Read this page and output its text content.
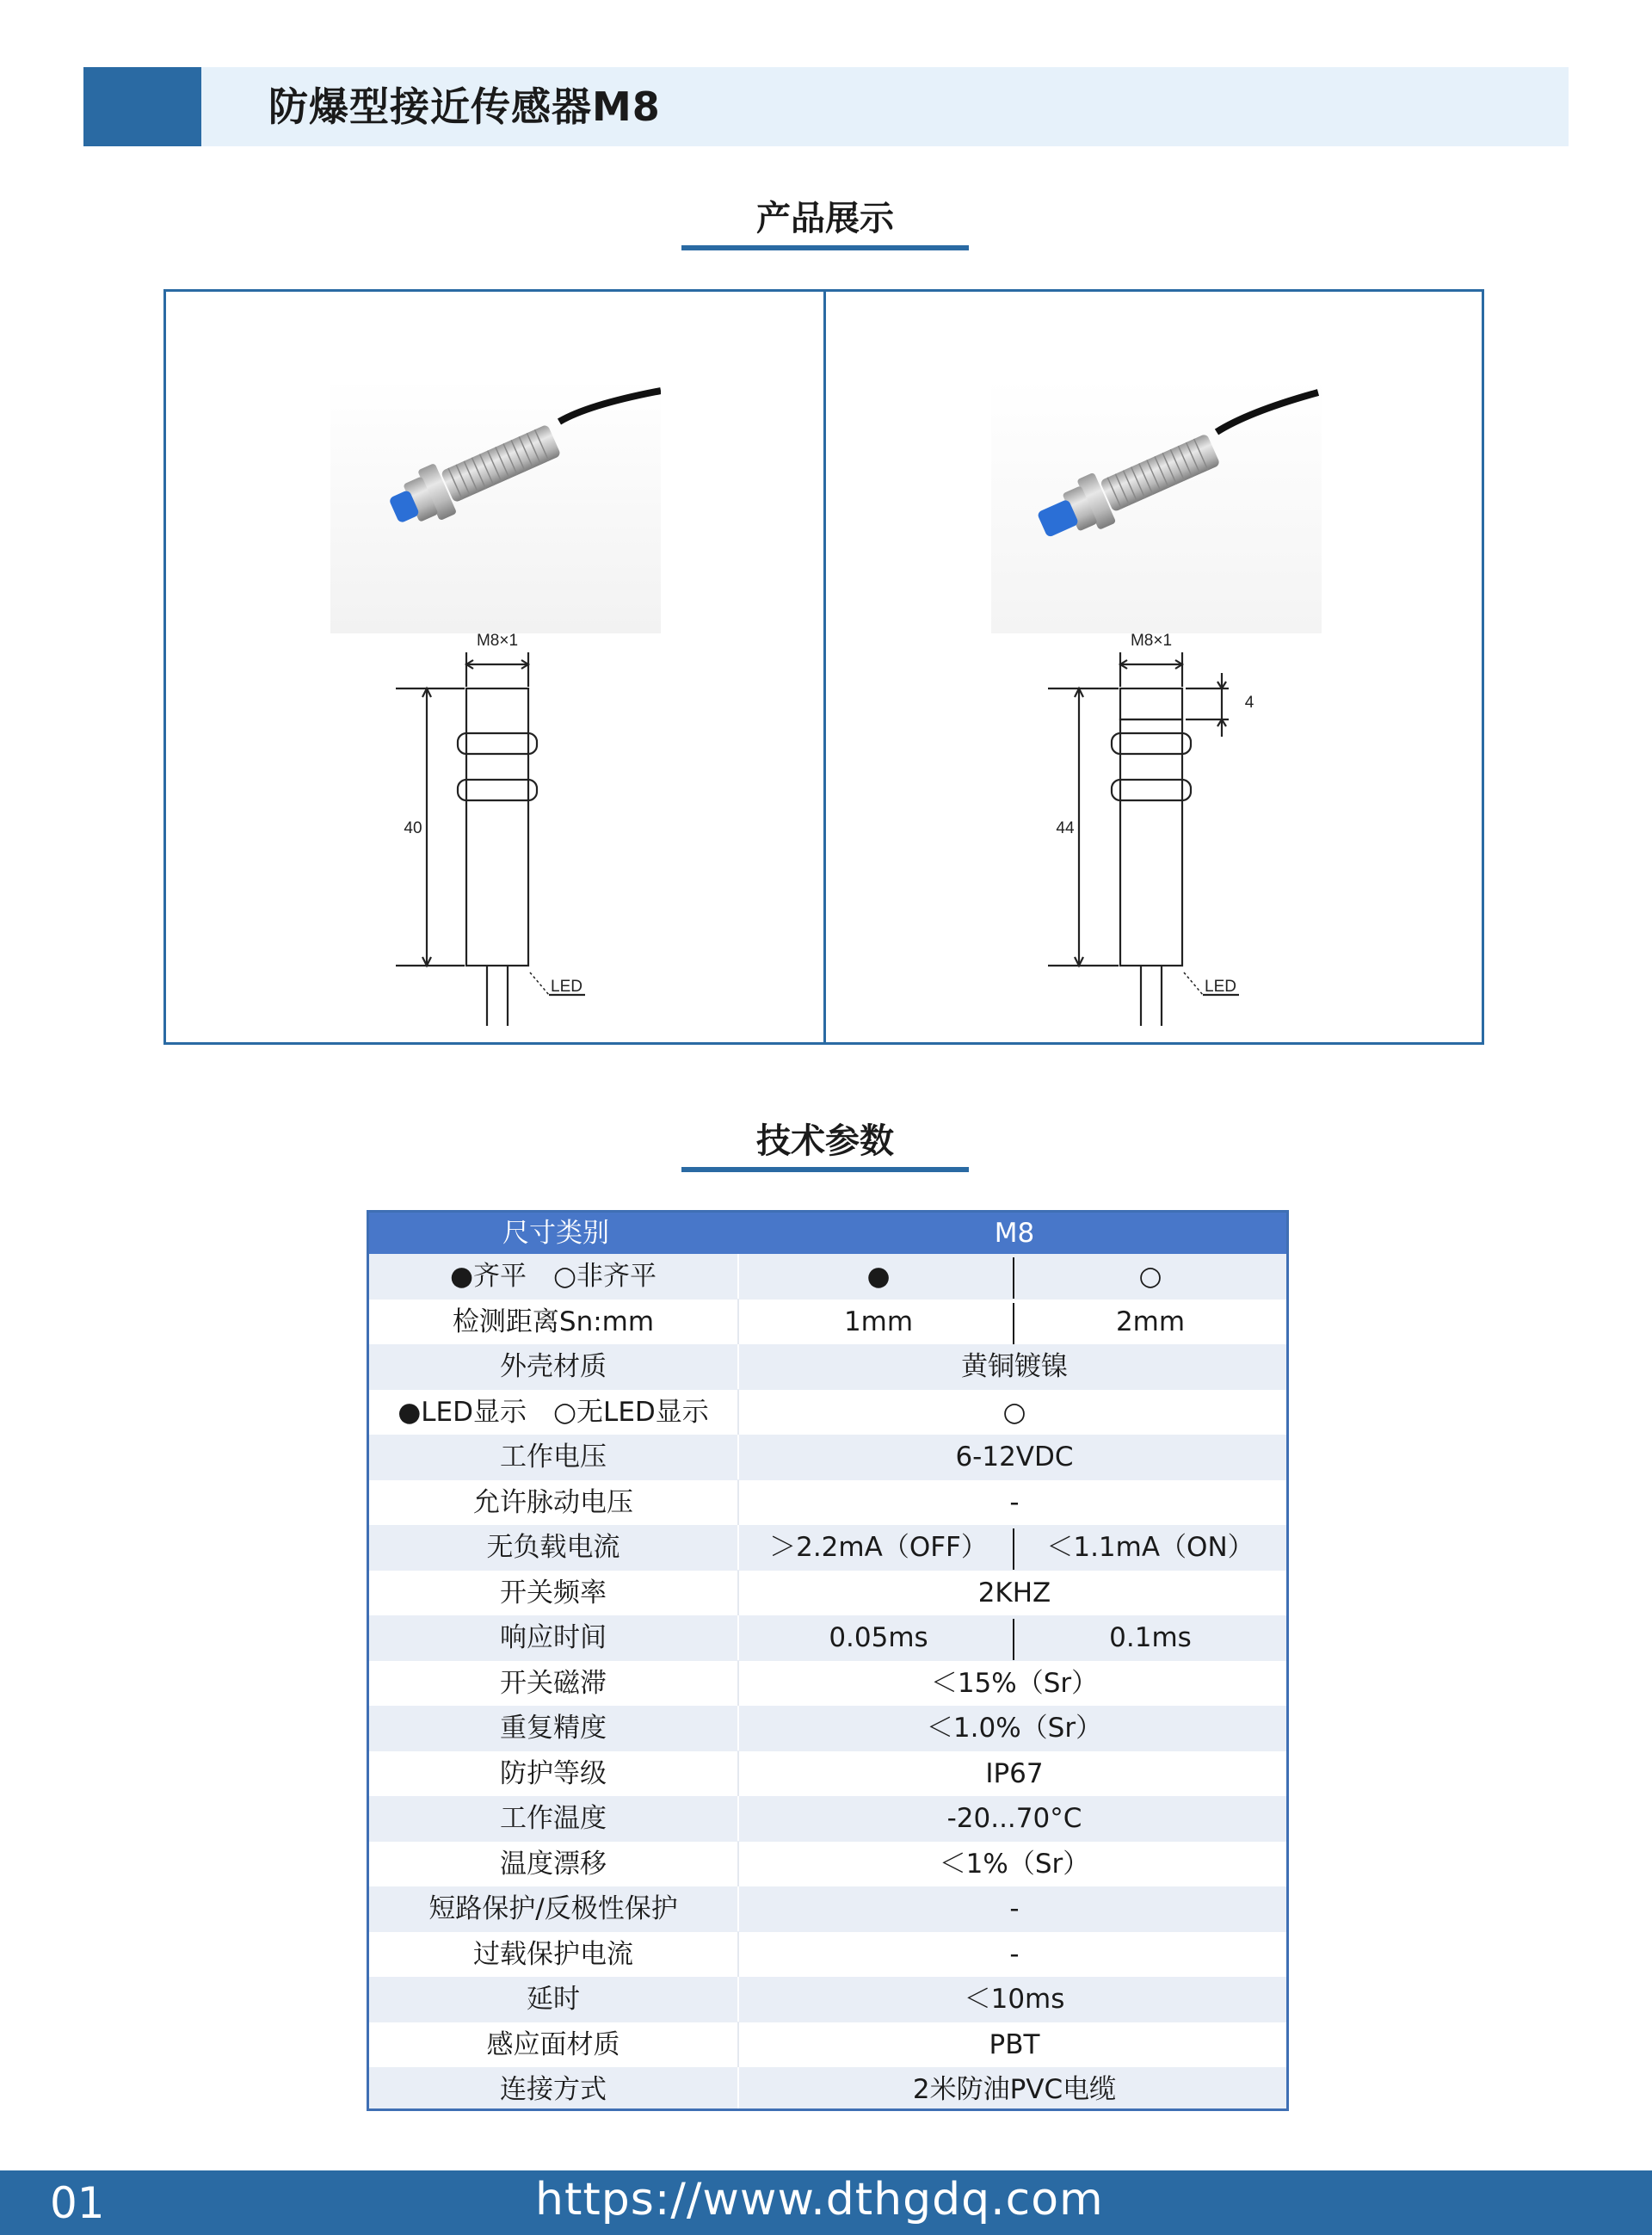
防爆型接近传感器M8
产品展示
M8×1
40
LED
M8×1
44
4
LED
技术参数
尺寸类别	M8
●齐平　○非齐平	●	○
检测距离Sn:mm	1mm	2mm
外壳材质	黄铜镀镍
●LED显示　○无LED显示	○
工作电压	6-12VDC
允许脉动电压	-
无负载电流	＞2.2mA（OFF）	＜1.1mA（ON）
开关频率	2KHZ
响应时间	0.05ms	0.1ms
开关磁滞	＜15%（Sr）
重复精度	＜1.0%（Sr）
防护等级	IP67
工作温度	-20...70°C
温度漂移	＜1%（Sr）
短路保护/反极性保护	-
过载保护电流	-
延时	＜10ms
感应面材质	PBT
连接方式	2米防油PVC电缆
01	https://www.dthgdq.com
